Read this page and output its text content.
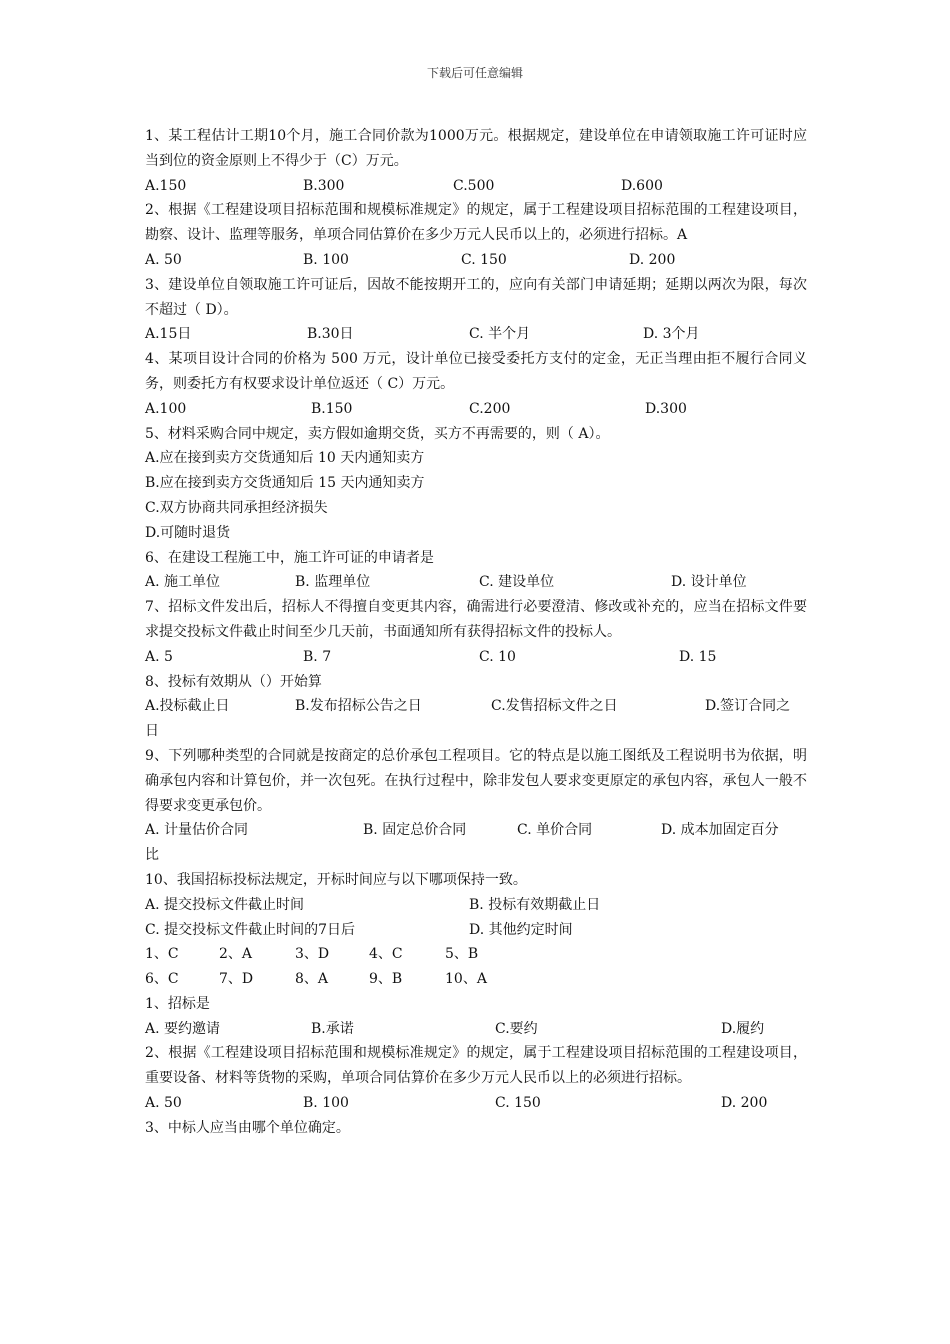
下载后可任意编辑
1、某工程估计工期10个月，施工合同价款为1000万元。根据规定，建设单位在申请领取施工许可证时应当到位的资金原则上不得少于（C）万元。
A.150	B.300	C.500	D.600
2、根据《工程建设项目招标范围和规模标准规定》的规定，属于工程建设项目招标范围的工程建设项目，勘察、设计、监理等服务，单项合同估算价在多少万元人民币以上的，必须进行招标。A
A. 50	B. 100	C. 150	D. 200
3、建设单位自领取施工许可证后，因故不能按期开工的，应向有关部门申请延期；延期以两次为限，每次不超过（ D）。
A.15日	B.30日	C. 半个月	D. 3个月
4、某项目设计合同的价格为 500 万元，设计单位已接受委托方支付的定金，无正当理由拒不履行合同义务，则委托方有权要求设计单位返还（ C）万元。
A.100	B.150	C.200	D.300
5、材料采购合同中规定，卖方假如逾期交货，买方不再需要的，则（ A）。
A.应在接到卖方交货通知后 10 天内通知卖方
B.应在接到卖方交货通知后 15 天内通知卖方
C.双方协商共同承担经济损失
D.可随时退货
6、在建设工程施工中，施工许可证的申请者是
A. 施工单位	B. 监理单位	C. 建设单位	D. 设计单位
7、招标文件发出后，招标人不得擅自变更其内容，确需进行必要澄清、修改或补充的，应当在招标文件要求提交投标文件截止时间至少几天前，书面通知所有获得招标文件的投标人。
A. 5	B. 7	C. 10	D. 15
8、投标有效期从（）开始算
A.投标截止日	B.发布招标公告之日	C.发售招标文件之日	D.签订合同之
日
9、下列哪种类型的合同就是按商定的总价承包工程项目。它的特点是以施工图纸及工程说明书为依据，明确承包内容和计算包价，并一次包死。在执行过程中，除非发包人要求变更原定的承包内容，承包人一般不得要求变更承包价。
A. 计量估价合同	B. 固定总价合同	C. 单价合同	D. 成本加固定百分
比
10、我国招标投标法规定，开标时间应与以下哪项保持一致。
A. 提交投标文件截止时间	B. 投标有效期截止日
C. 提交投标文件截止时间的7日后	D. 其他约定时间
1、C	2、A	3、D	4、C	5、B
6、C	7、D	8、A	9、B	10、A
1、招标是
A. 要约邀请	B.承诺	C.要约	D.履约
2、根据《工程建设项目招标范围和规模标准规定》的规定，属于工程建设项目招标范围的工程建设项目，重要设备、材料等货物的采购，单项合同估算价在多少万元人民币以上的必须进行招标。
A. 50	B. 100	C. 150	D. 200
3、中标人应当由哪个单位确定。
